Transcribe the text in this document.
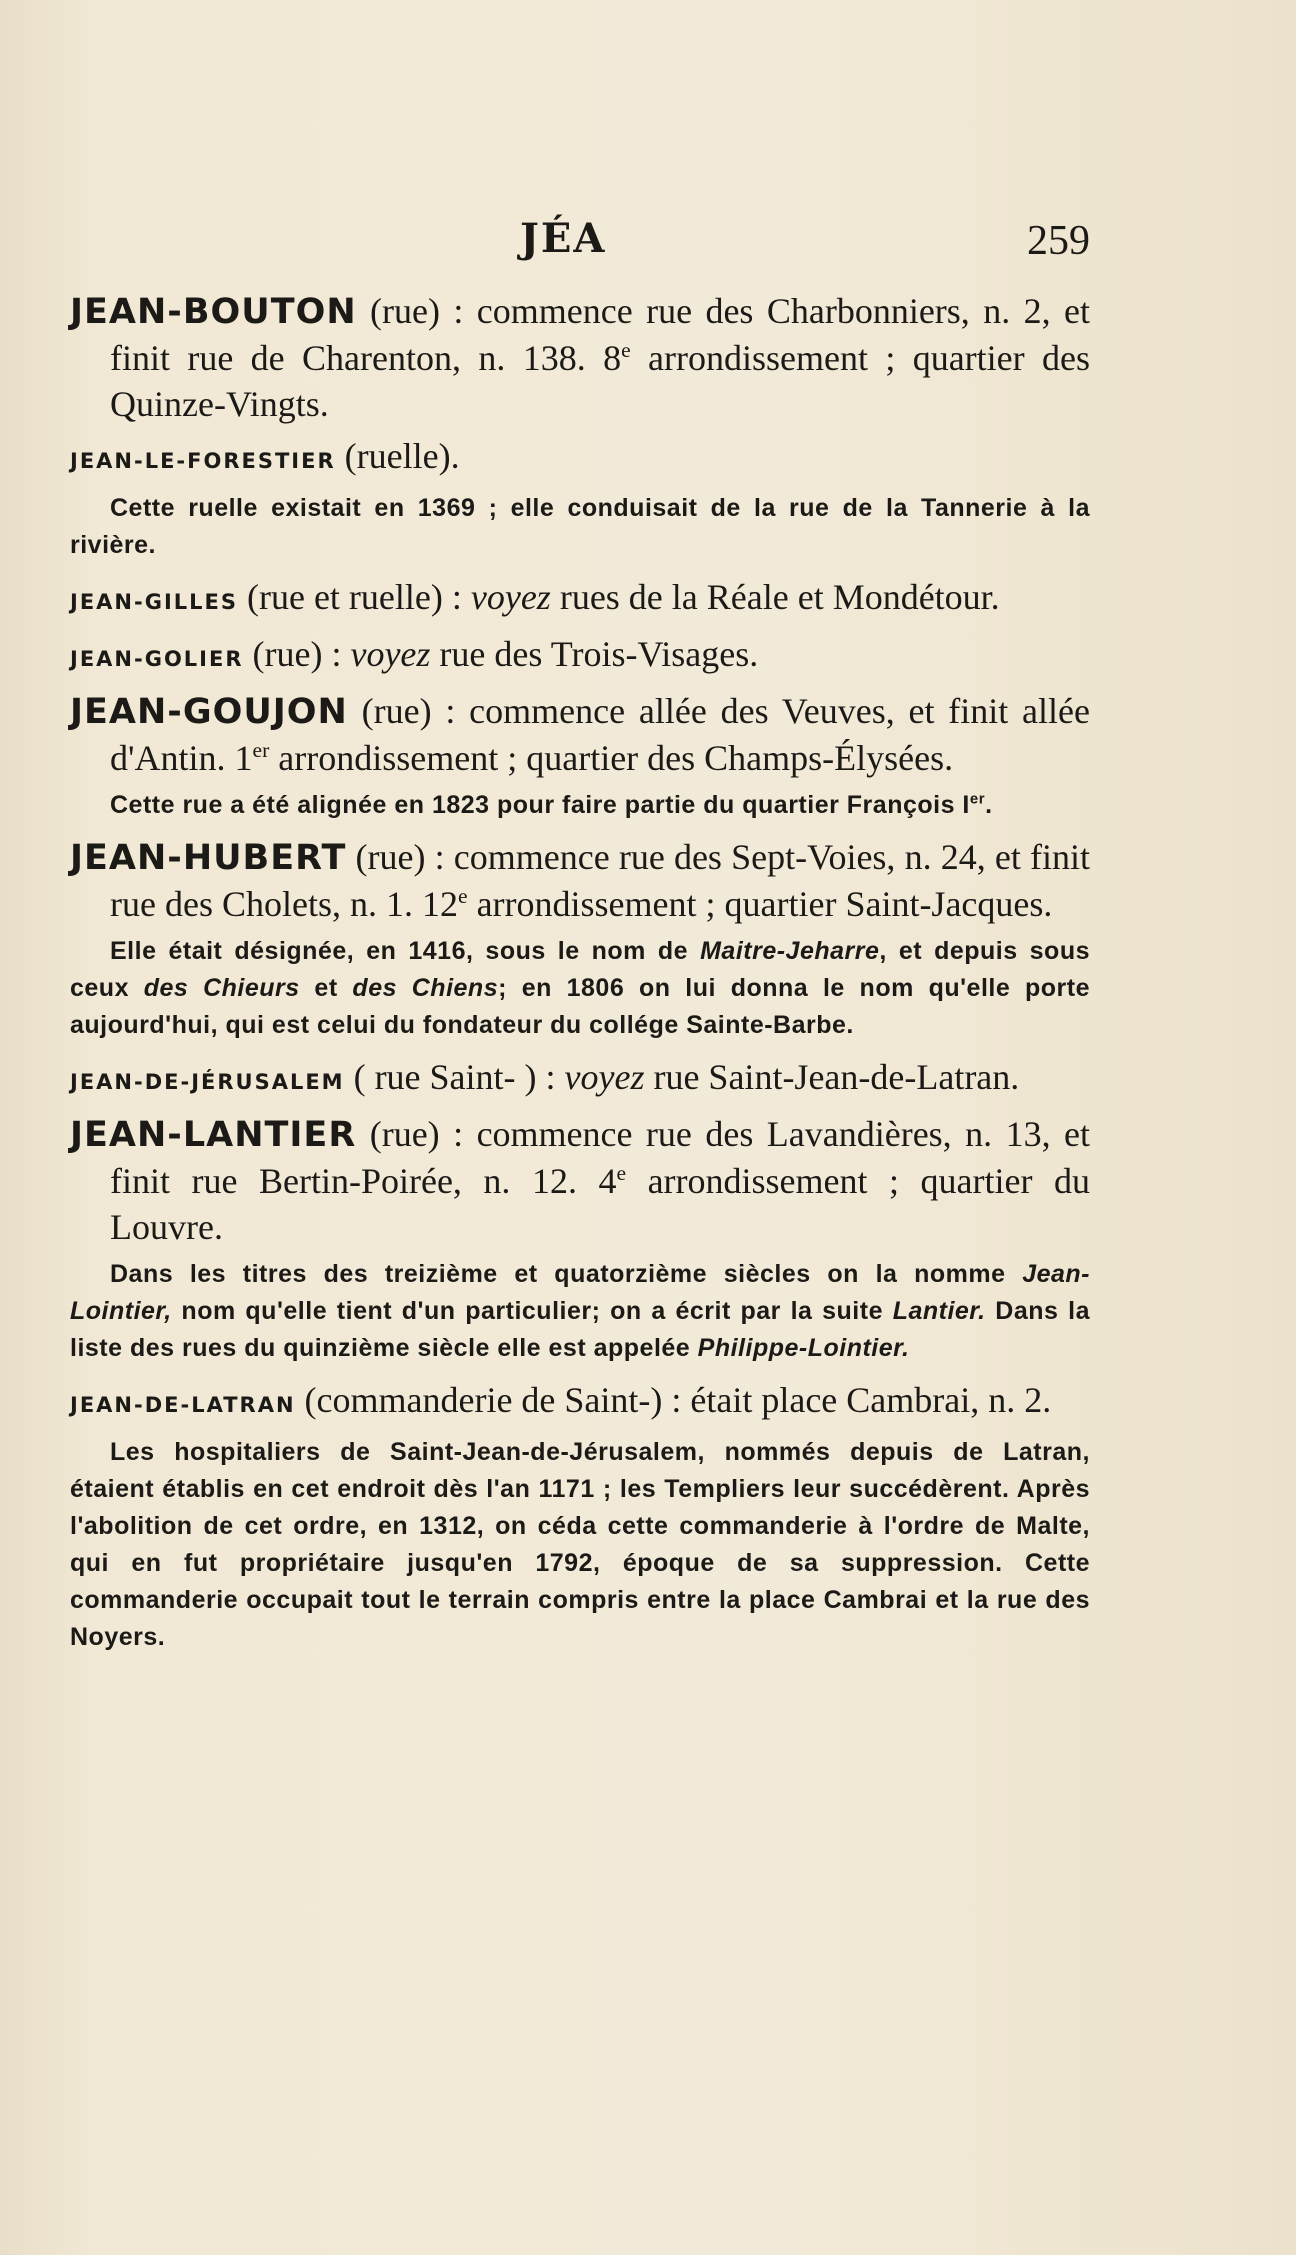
JÉA	259

JEAN-BOUTON (rue) : commence rue des Charbonniers, n. 2, et finit rue de Charenton, n. 138. 8e arrondissement ; quartier des Quinze-Vingts.

JEAN-LE-FORESTIER (ruelle).

Cette ruelle existait en 1369 ; elle conduisait de la rue de la Tannerie à la rivière.

JEAN-GILLES (rue et ruelle) : voyez rues de la Réale et Mondétour.

JEAN-GOLIER (rue) : voyez rue des Trois-Visages.

JEAN-GOUJON (rue) : commence allée des Veuves, et finit allée d'Antin. 1er arrondissement ; quartier des Champs-Élysées.

Cette rue a été alignée en 1823 pour faire partie du quartier François Ier.

JEAN-HUBERT (rue) : commence rue des Sept-Voies, n. 24, et finit rue des Cholets, n. 1. 12e arrondissement ; quartier Saint-Jacques.

Elle était désignée, en 1416, sous le nom de Maitre-Jeharre, et depuis sous ceux des Chieurs et des Chiens; en 1806 on lui donna le nom qu'elle porte aujourd'hui, qui est celui du fondateur du collége Sainte-Barbe.

JEAN-DE-JÉRUSALEM ( rue Saint- ) : voyez rue Saint-Jean-de-Latran.

JEAN-LANTIER (rue) : commence rue des Lavandières, n. 13, et finit rue Bertin-Poirée, n. 12. 4e arrondissement ; quartier du Louvre.

Dans les titres des treizième et quatorzième siècles on la nomme Jean-Lointier, nom qu'elle tient d'un particulier; on a écrit par la suite Lantier. Dans la liste des rues du quinzième siècle elle est appelée Philippe-Lointier.

JEAN-DE-LATRAN (commanderie de Saint-) : était place Cambrai, n. 2.

Les hospitaliers de Saint-Jean-de-Jérusalem, nommés depuis de Latran, étaient établis en cet endroit dès l'an 1171 ; les Templiers leur succédèrent. Après l'abolition de cet ordre, en 1312, on céda cette commanderie à l'ordre de Malte, qui en fut propriétaire jusqu'en 1792, époque de sa suppression. Cette commanderie occupait tout le terrain compris entre la place Cambrai et la rue des Noyers.
